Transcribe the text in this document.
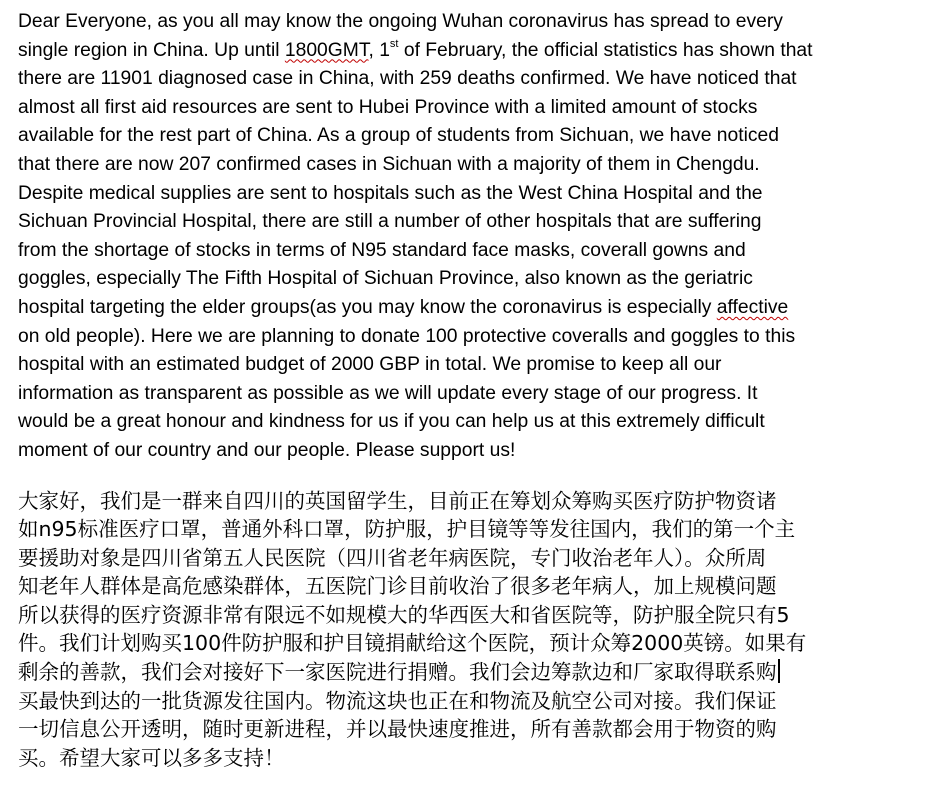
Dear Everyone, as you all may know the ongoing Wuhan coronavirus has spread to every
single region in China. Up until 1800GMT, 1st of February, the official statistics has shown that
there are 11901 diagnosed case in China, with 259 deaths confirmed. We have noticed that
almost all first aid resources are sent to Hubei Province with a limited amount of stocks
available for the rest part of China. As a group of students from Sichuan, we have noticed
that there are now 207 confirmed cases in Sichuan with a majority of them in Chengdu.
Despite medical supplies are sent to hospitals such as the West China Hospital and the
Sichuan Provincial Hospital, there are still a number of other hospitals that are suffering
from the shortage of stocks in terms of N95 standard face masks, coverall gowns and
goggles, especially The Fifth Hospital of Sichuan Province, also known as the geriatric
hospital targeting the elder groups(as you may know the coronavirus is especially affective
on old people). Here we are planning to donate 100 protective coveralls and goggles to this
hospital with an estimated budget of 2000 GBP in total. We promise to keep all our
information as transparent as possible as we will update every stage of our progress. It
would be a great honour and kindness for us if you can help us at this extremely difficult
moment of our country and our people. Please support us!

大家好，我们是一群来自四川的英国留学生，目前正在筹划众筹购买医疗防护物资诸
如n95标准医疗口罩，普通外科口罩，防护服，护目镜等等发往国内，我们的第一个主
要援助对象是四川省第五人民医院（四川省老年病医院，专门收治老年人）。众所周
知老年人群体是高危感染群体，五医院门诊目前收治了很多老年病人，加上规模问题
所以获得的医疗资源非常有限远不如规模大的华西医大和省医院等，防护服全院只有5
件。我们计划购买100件防护服和护目镜捐献给这个医院，预计众筹2000英镑。如果有
剩余的善款，我们会对接好下一家医院进行捐赠。我们会边筹款边和厂家取得联系购
买最快到达的一批货源发往国内。物流这块也正在和物流及航空公司对接。我们保证
一切信息公开透明，随时更新进程，并以最快速度推进，所有善款都会用于物资的购
买。希望大家可以多多支持！
